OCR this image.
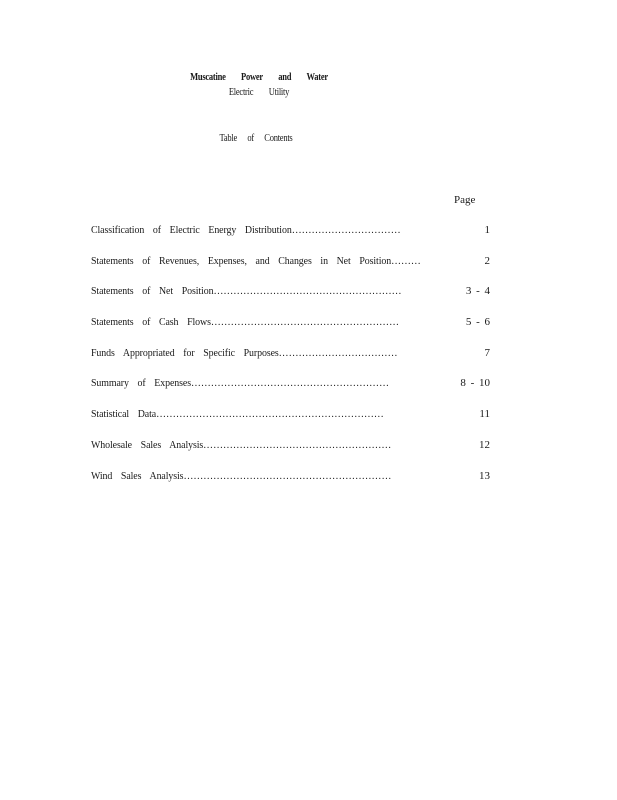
Muscatine Power and Water
Electric Utility
Table of Contents
Page
Classification of Electric Energy Distribution……………………………	1
Statements of Revenues, Expenses, and Changes in Net Position………	2
Statements of Net Position…………………………………………………	3 - 4
Statements of Cash Flows…………………………………………………	5 - 6
Funds Appropriated for Specific Purposes………………………………	7
Summary of Expenses……………………………………………………	8 - 10
Statistical Data……………………………………………………………	11
Wholesale Sales Analysis…………………………………………………	12
Wind Sales Analysis………………………………………………………	13
